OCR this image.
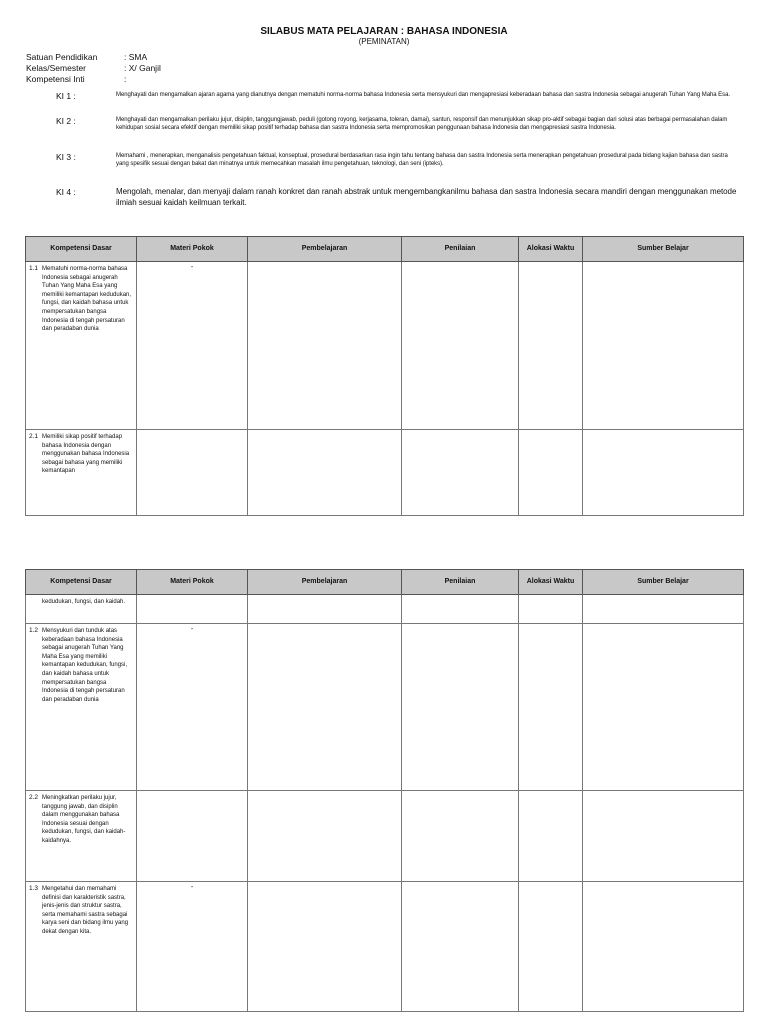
SILABUS MATA PELAJARAN : BAHASA INDONESIA
(PEMINATAN)
Satuan Pendidikan	: SMA
Kelas/Semester	: X/ Ganjil
Kompetensi Inti	:
KI 1 :	Menghayati dan mengamalkan ajaran agama yang dianutnya dengan mematuhi norma-norma bahasa Indonesia serta mensyukuri dan mengapresiasi keberadaan bahasa dan sastra Indonesia sebagai anugerah Tuhan Yang Maha Esa.
KI 2 :	Menghayati dan mengamalkan perilaku jujur, disiplin, tanggungjawab, peduli (gotong royong, kerjasama, toleran, damai), santun, responsif dan menunjukkan sikap pro-aktif sebagai bagian dari solusi atas berbagai permasalahan dalam kehidupan sosial secara efektif dengan memiliki sikap positif terhadap bahasa dan sastra Indonesia serta mempromosikan penggunaan bahasa Indonesia dan mengapresiasi sastra Indonesia.
KI 3 :	Memahami , menerapkan, menganalisis pengetahuan faktual, konseptual, prosedural berdasarkan rasa ingin tahu tentang bahasa dan sastra Indonesia serta menerapkan pengetahuan prosedural pada bidang kajian bahasa dan sastra yang spesifik sesuai dengan bakat dan minatnya untuk memecahkan masalah ilmu pengetahuan, teknologi, dan seni (ipteks).
KI 4 :	Mengolah, menalar, dan menyaji dalam ranah konkret dan ranah abstrak untuk mengembangkanilmu bahasa dan sastra Indonesia secara mandiri dengan menggunakan metode ilmiah sesuai kaidah keilmuan terkait.
Kompetensi Dasar	Materi Pokok	Pembelajaran	Penilaian	Alokasi Waktu	Sumber Belajar

1.1 Mematuhi norma-norma bahasa Indonesia sebagai anugerah Tuhan Yang Maha Esa yang memiliki kemantapan kedudukan, fungsi, dan kaidah bahasa untuk mempersatukan bangsa Indonesia di tengah persaturan dan peradaban dunia	-				

2.1 Memiliki sikap positif terhadap bahasa Indonesia dengan menggunakan bahasa Indonesia sebagai bahasa yang memiliki kemantapan					

Kompetensi Dasar	Materi Pokok	Pembelajaran	Penilaian	Alokasi Waktu	Sumber Belajar

kedudukan, fungsi, dan kaidah.					

1.2 Mensyukuri dan tunduk atas keberadaan bahasa Indonesia sebagai anugerah Tuhan Yang Maha Esa yang memiliki kemantapan kedudukan, fungsi, dan kaidah bahasa untuk mempersatukan bangsa Indonesia di tengah persaturan dan peradaban dunia	-				

2.2 Meningkatkan perilaku jujur, tanggung jawab, dan disiplin dalam menggunakan bahasa Indonesia sesuai dengan kedudukan, fungsi, dan kaidah-kaidahnya.					

1.3 Mengetahui dan memahami definisi dan karakteristik sastra, jenis-jenis dan struktur sastra, serta memahami sastra sebagai karya seni dan bidang ilmu yang dekat dengan kita.	-				
